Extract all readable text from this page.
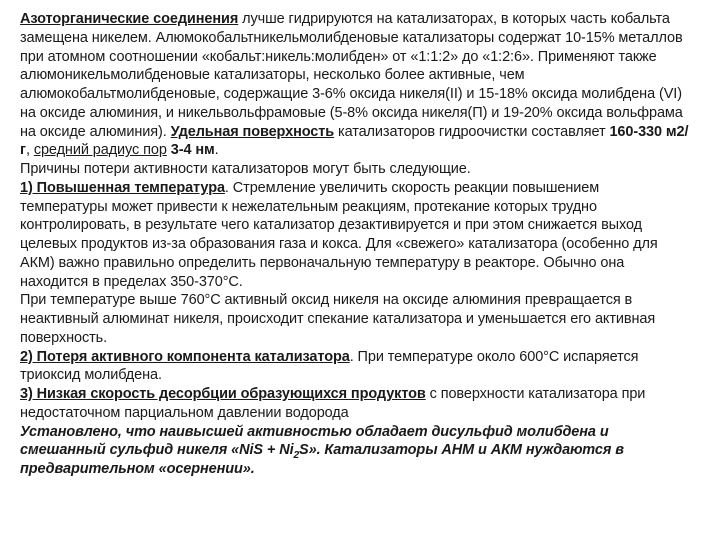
Азоторганические соединения лучше гидрируются на катализаторах, в которых часть кобальта замещена никелем. Алюмокобальтникельмолибденовые катализаторы содержат 10-15% металлов при атомном соотношении «кобальт:никель:молибден» от «1:1:2» до «1:2:6». Применяют также алюмоникельмолибденовые катализаторы, несколько более активные, чем алюмокобальтмолибденовые, содержащие 3-6% оксида никеля(II) и 15-18% оксида молибдена (VI) на оксиде алюминия, и никельвольфрамовые (5-8% оксида никеля(П) и 19-20% оксида вольфрама на оксиде алюминия). Удельная поверхность катализаторов гидроочистки составляет 160-330 м2/г, средний радиус пор 3-4 нм.

Причины потери активности катализаторов могут быть следующие.

1) Повышенная температура. Стремление увеличить скорость реакции повышением температуры может привести к нежелательным реакциям, протекание которых трудно контролировать, в результате чего катализатор дезактивируется и при этом снижается выход целевых продуктов из-за образования газа и кокса. Для «свежего» катализатора (особенно для АКМ) важно правильно определить первоначальную температуру в реакторе. Обычно она находится в пределах 350-370°С.

При температуре выше 760°С активный оксид никеля на оксиде алюминия превращается в неактивный алюминат никеля, происходит спекание катализатора и уменьшается его активная поверхность.

2) Потеря активного компонента катализатора. При температуре около 600°С испаряется триоксид молибдена.

3) Низкая скорость десорбции образующихся продуктов с поверхности катализатора при недостаточном парциальном давлении водорода

Установлено, что наивысшей активностью обладает дисульфид молибдена и смешанный сульфид никеля «NiS + $Ni_2S$». Катализаторы АНМ и АКМ нуждаются в предварительном «осернении».
